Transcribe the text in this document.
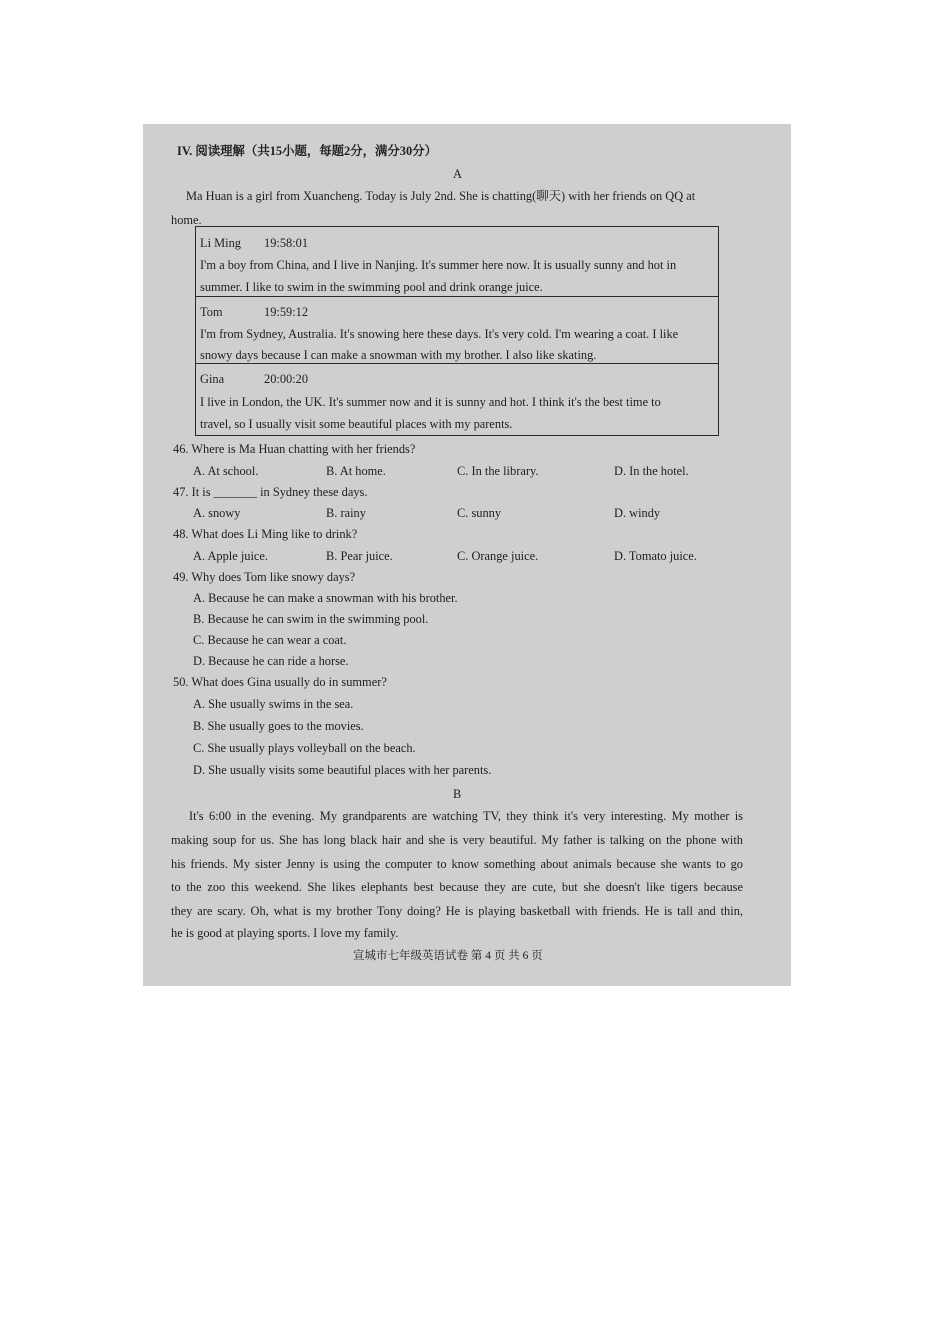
IV. 阅读理解（共15小题，每题2分，满分30分）
A
Ma Huan is a girl from Xuancheng. Today is July 2nd. She is chatting(聊天) with her friends on QQ at
home.
Li Ming 19:58:01
I'm a boy from China, and I live in Nanjing. It's summer here now. It is usually sunny and hot in
summer. I like to swim in the swimming pool and drink orange juice.
Tom	19:59:12
I'm from Sydney, Australia. It's snowing here these days. It's very cold. I'm wearing a coat. I like
snowy days because I can make a snowman with my brother. I also like skating.
Gina	20:00:20
I live in London, the UK. It's summer now and it is sunny and hot. I think it's the best time to
travel, so I usually visit some beautiful places with my parents.
46. Where is Ma Huan chatting with her friends?
A. At school.	B. At home.	C. In the library.	D. In the hotel.
47. It is _______ in Sydney these days.
A. snowy	B. rainy	C. sunny	D. windy
48. What does Li Ming like to drink?
A. Apple juice.	B. Pear juice.	C. Orange juice.	D. Tomato juice.
49. Why does Tom like snowy days?
A. Because he can make a snowman with his brother.
B. Because he can swim in the swimming pool.
C. Because he can wear a coat.
D. Because he can ride a horse.
50. What does Gina usually do in summer?
A. She usually swims in the sea.
B. She usually goes to the movies.
C. She usually plays volleyball on the beach.
D. She usually visits some beautiful places with her parents.
B
It's 6:00 in the evening. My grandparents are watching TV, they think it's very interesting. My mother is
making soup for us. She has long black hair and she is very beautiful. My father is talking on the phone with
his friends. My sister Jenny is using the computer to know something about animals because she wants to go
to the zoo this weekend. She likes elephants best because they are cute, but she doesn't like tigers because
they are scary. Oh, what is my brother Tony doing? He is playing basketball with friends. He is tall and thin,
he is good at playing sports. I love my family.
宣城市七年级英语试卷 第 4 页 共 6 页
